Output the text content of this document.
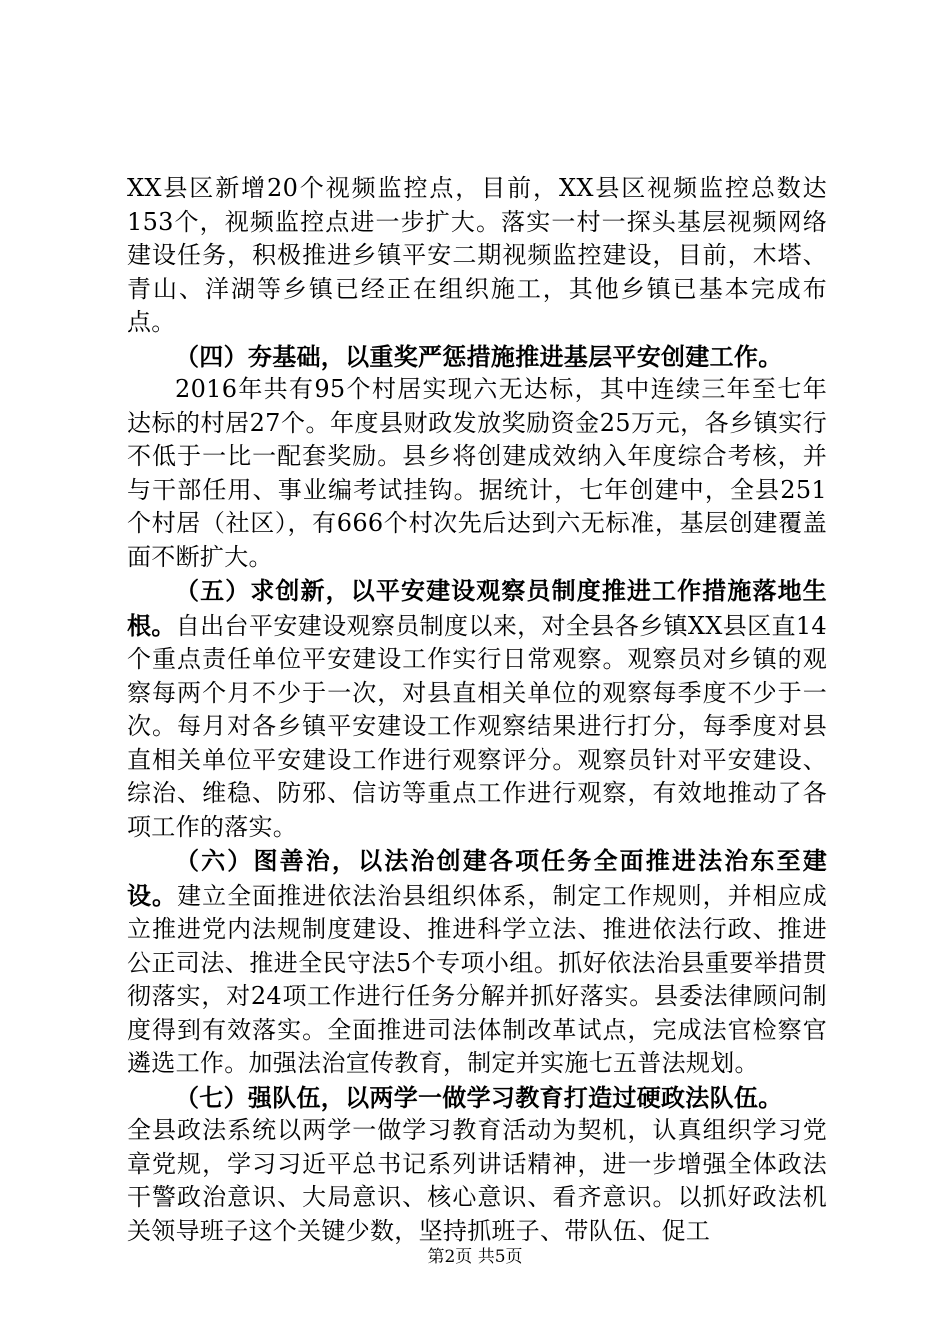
XX县区新增20个视频监控点，目前，XX县区视频监控总数达153个，视频监控点进一步扩大。落实一村一探头基层视频网络建设任务，积极推进乡镇平安二期视频监控建设，目前，木塔、青山、洋湖等乡镇已经正在组织施工，其他乡镇已基本完成布点。

（四）夯基础，以重奖严惩措施推进基层平安创建工作。

2016年共有95个村居实现六无达标，其中连续三年至七年达标的村居27个。年度县财政发放奖励资金25万元，各乡镇实行不低于一比一配套奖励。县乡将创建成效纳入年度综合考核，并与干部任用、事业编考试挂钩。据统计，七年创建中，全县251个村居（社区），有666个村次先后达到六无标准，基层创建覆盖面不断扩大。

（五）求创新，以平安建设观察员制度推进工作措施落地生根。自出台平安建设观察员制度以来，对全县各乡镇XX县区直14个重点责任单位平安建设工作实行日常观察。观察员对乡镇的观察每两个月不少于一次，对县直相关单位的观察每季度不少于一次。每月对各乡镇平安建设工作观察结果进行打分，每季度对县直相关单位平安建设工作进行观察评分。观察员针对平安建设、综治、维稳、防邪、信访等重点工作进行观察，有效地推动了各项工作的落实。

（六）图善治，以法治创建各项任务全面推进法治东至建设。建立全面推进依法治县组织体系，制定工作规则，并相应成立推进党内法规制度建设、推进科学立法、推进依法行政、推进公正司法、推进全民守法5个专项小组。抓好依法治县重要举措贯彻落实，对24项工作进行任务分解并抓好落实。县委法律顾问制度得到有效落实。全面推进司法体制改革试点，完成法官检察官遴选工作。加强法治宣传教育，制定并实施七五普法规划。

（七）强队伍，以两学一做学习教育打造过硬政法队伍。

全县政法系统以两学一做学习教育活动为契机，认真组织学习党章党规，学习习近平总书记系列讲话精神，进一步增强全体政法干警政治意识、大局意识、核心意识、看齐意识。以抓好政法机关领导班子这个关键少数，坚持抓班子、带队伍、促工

第2页 共5页
